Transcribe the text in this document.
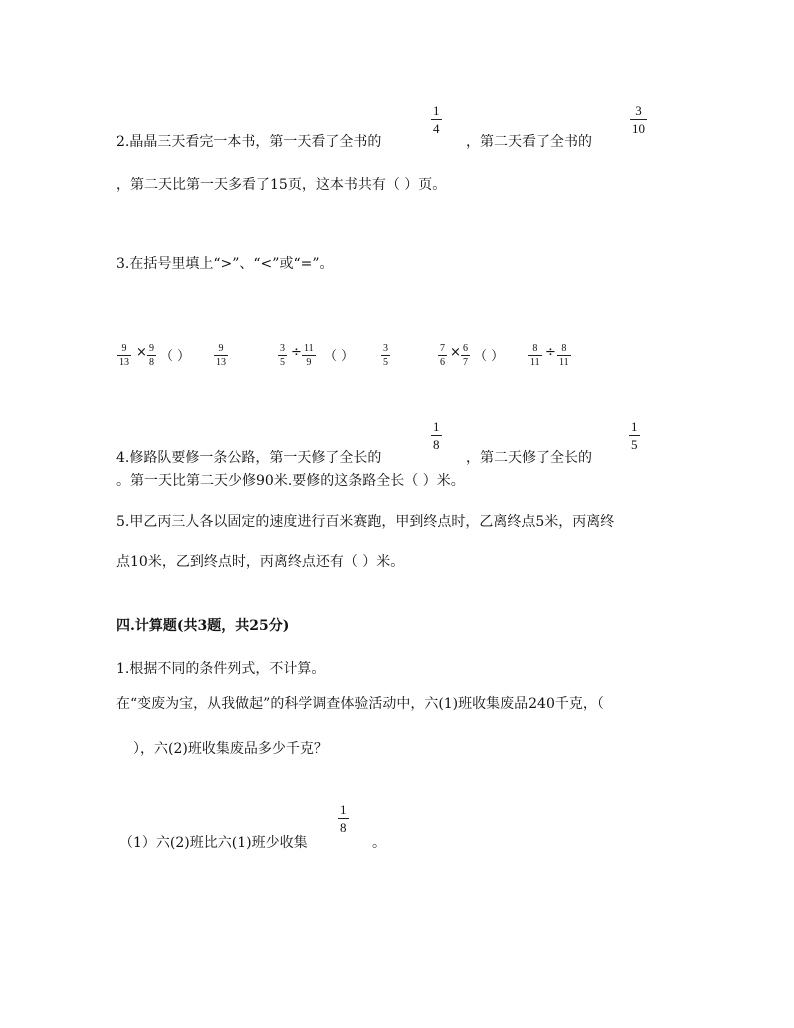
2.晶晶三天看完一本书，第一天看了全书的
1
4
，第二天看了全书的
3
10
，第二天比第一天多看了15页，这本书共有（ ）页。
3.在括号里填上“>”、“<”或“=”。
9
13
× 9
8 （ ）
9
13
3
5
÷ 11
9 （ ）
3
5
7
6
× 6
7 （ ）
8
11
÷ 8
11
4.修路队要修一条公路，第一天修了全长的
1
8
，第二天修了全长的
1
5
。第一天比第二天少修90米.要修的这条路全长（ ）米。
5.甲乙丙三人各以固定的速度进行百米赛跑，甲到终点时，乙离终点5米，丙离终
点10米，乙到终点时，丙离终点还有（ ）米。
四.计算题(共3题，共25分)
1.根据不同的条件列式，不计算。
在“变废为宝，从我做起”的科学调查体验活动中，六(1)班收集废品240千克，（
），六(2)班收集废品多少千克？
（1）六(2)班比六(1)班少收集
1
8
。
